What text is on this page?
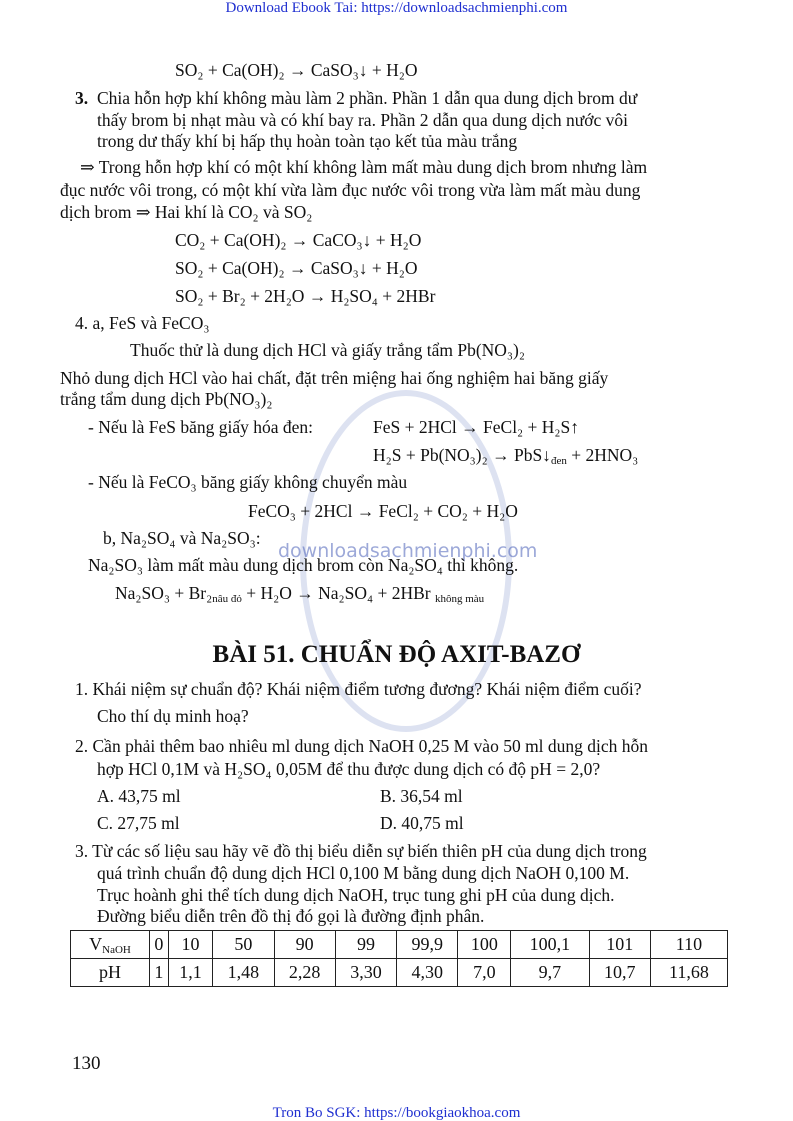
downloadsachmienphi.com
Download Ebook Tai: https://downloadsachmienphi.com
SO₂ + Ca(OH)₂ → CaSO₃↓ + H₂O
3. Chia hỗn hợp khí không màu làm 2 phần. Phần 1 dẫn qua dung dịch brom dư
thấy brom bị nhạt màu và có khí bay ra. Phần 2 dẫn qua dung dịch nước vôi
trong dư thấy khí bị hấp thụ hoàn toàn tạo kết tủa màu trắng
⇒ Trong hỗn hợp khí có một khí không làm mất màu dung dịch brom nhưng làm
đục nước vôi trong, có một khí vừa làm đục nước vôi trong vừa làm mất màu dung
dịch brom ⇒ Hai khí là CO₂ và SO₂
CO₂ + Ca(OH)₂ → CaCO₃↓ + H₂O
SO₂ + Ca(OH)₂ → CaSO₃↓ + H₂O
SO₂ + Br₂ + 2H₂O → H₂SO₄ + 2HBr
4. a, FeS và FeCO₃
Thuốc thử là dung dịch HCl và giấy trắng tẩm Pb(NO₃)₂
Nhỏ dung dịch HCl vào hai chất, đặt trên miệng hai ống nghiệm hai băng giấy
trắng tẩm dung dịch Pb(NO₃)₂
- Nếu là FeS băng giấy hóa đen:	FeS + 2HCl → FeCl₂ + H₂S↑
H₂S + Pb(NO₃)₂ → PbS↓đen + 2HNO₃
- Nếu là FeCO₃ băng giấy không chuyển màu
FeCO₃ + 2HCl → FeCl₂ + CO₂ + H₂O
b, Na₂SO₄ và Na₂SO₃:
Na₂SO₃ làm mất màu dung dịch brom còn Na₂SO₄ thì không.
Na₂SO₃ + Br₂nâu đỏ + H₂O → Na₂SO₄ + 2HBr không màu
BÀI 51. CHUẨN ĐỘ AXIT-BAZƠ
1. Khái niệm sự chuẩn độ? Khái niệm điểm tương đương? Khái niệm điểm cuối?
Cho thí dụ minh hoạ?
2. Cần phải thêm bao nhiêu ml dung dịch NaOH 0,25 M vào 50 ml dung dịch hỗn
hợp HCl 0,1M và H₂SO₄ 0,05M để thu được dung dịch có độ pH = 2,0?
A. 43,75 ml	B. 36,54 ml
C. 27,75 ml	D. 40,75 ml
3. Từ các số liệu sau hãy vẽ đồ thị biểu diễn sự biến thiên pH của dung dịch trong
quá trình chuẩn độ dung dịch HCl 0,100 M bằng dung dịch NaOH 0,100 M.
Trục hoành ghi thể tích dung dịch NaOH, trục tung ghi pH của dung dịch.
Đường biểu diễn trên đồ thị đó gọi là đường định phân.
VNaOH	0	10	50	90	99	99,9	100	100,1	101	110
pH	1	1,1	1,48	2,28	3,30	4,30	7,0	9,7	10,7	11,68
130
Tron Bo SGK: https://bookgiaokhoa.com
